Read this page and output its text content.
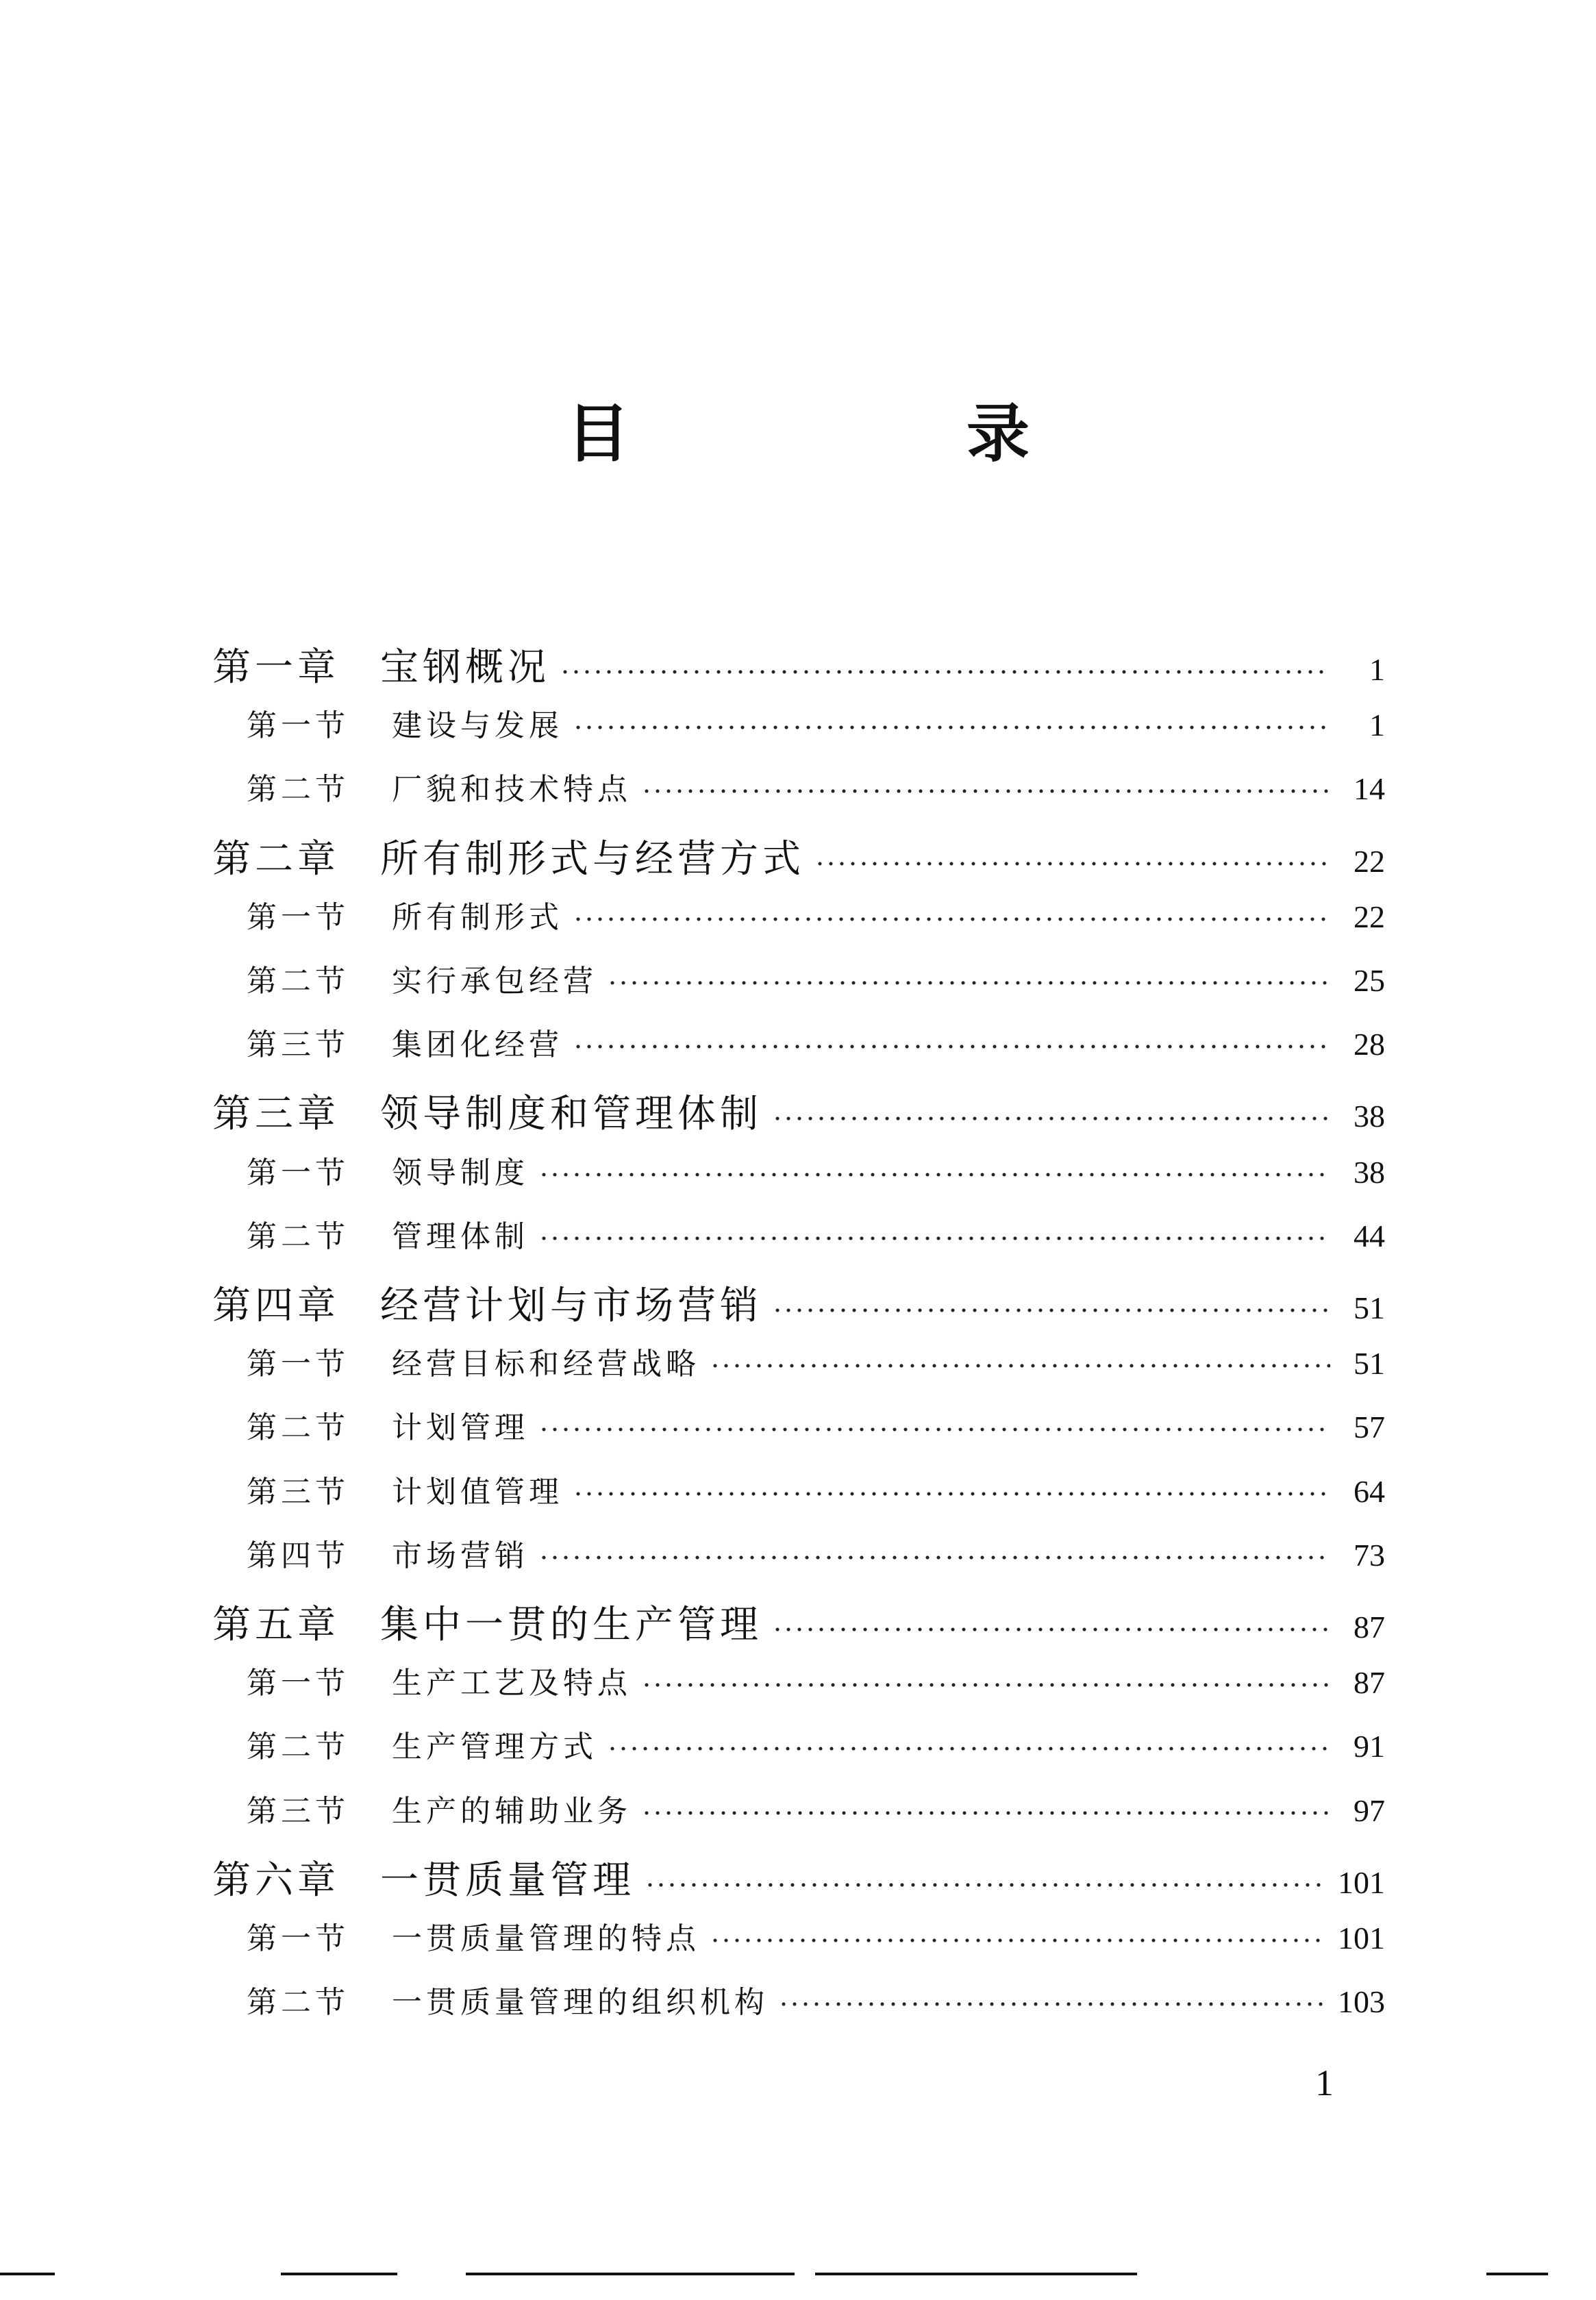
目 录
第一章	宝钢概况	1
第一节	建设与发展	1
第二节	厂貌和技术特点	14
第二章	所有制形式与经营方式	22
第一节	所有制形式	22
第二节	实行承包经营	25
第三节	集团化经营	28
第三章	领导制度和管理体制	38
第一节	领导制度	38
第二节	管理体制	44
第四章	经营计划与市场营销	51
第一节	经营目标和经营战略	51
第二节	计划管理	57
第三节	计划值管理	64
第四节	市场营销	73
第五章	集中一贯的生产管理	87
第一节	生产工艺及特点	87
第二节	生产管理方式	91
第三节	生产的辅助业务	97
第六章	一贯质量管理	101
第一节	一贯质量管理的特点	101
第二节	一贯质量管理的组织机构	103
1
